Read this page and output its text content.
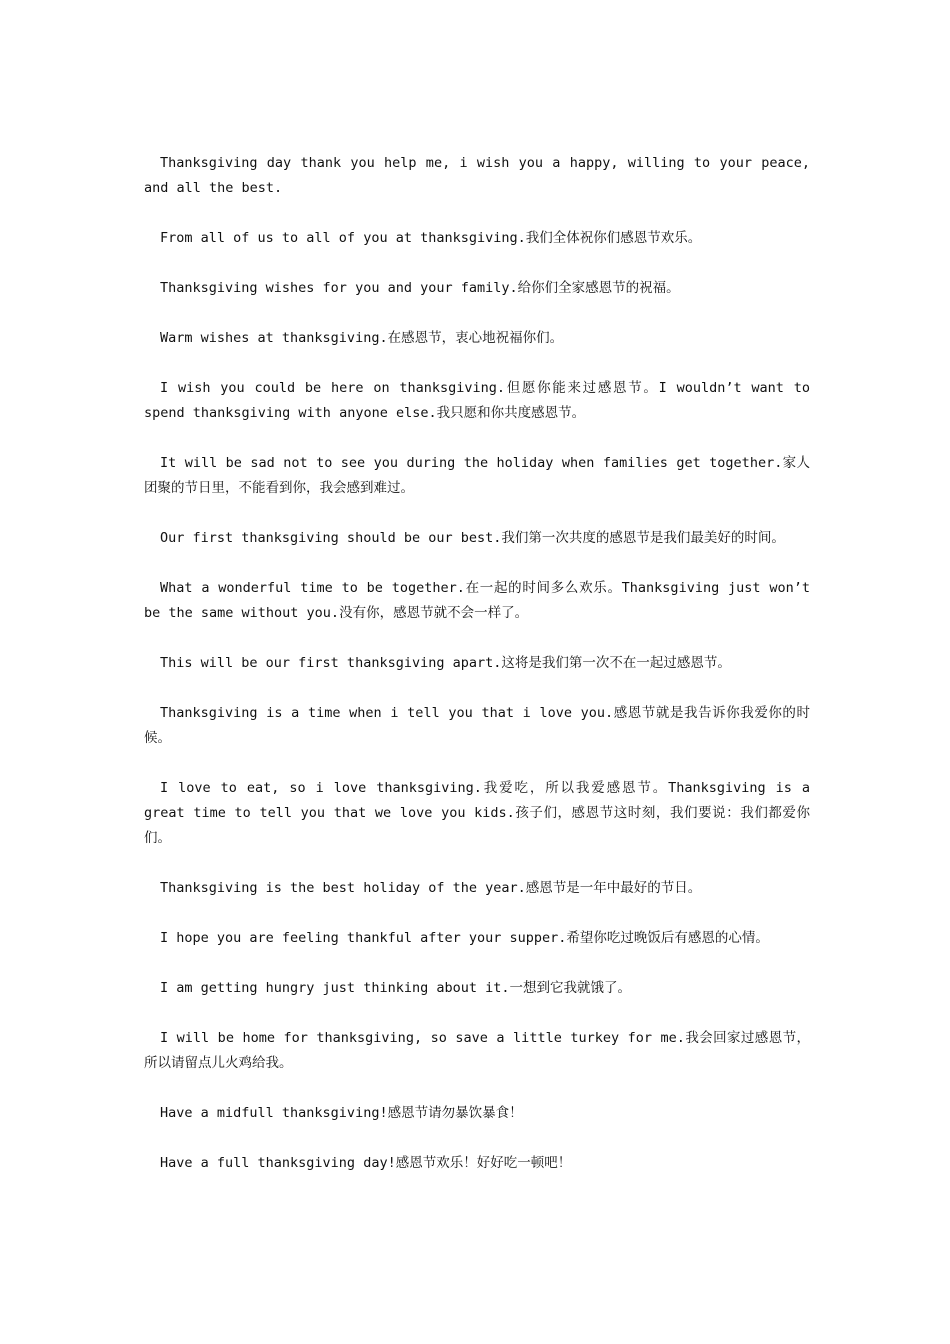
Thanksgiving day thank you help me, i wish you a happy, willing to your peace, and all the best.

From all of us to all of you at thanksgiving.我们全体祝你们感恩节欢乐。

Thanksgiving wishes for you and your family.给你们全家感恩节的祝福。

Warm wishes at thanksgiving.在感恩节，衷心地祝福你们。

I wish you could be here on thanksgiving.但愿你能来过感恩节。I wouldn’t want to spend thanksgiving with anyone else.我只愿和你共度感恩节。

It will be sad not to see you during the holiday when families get together.家人团聚的节日里，不能看到你，我会感到难过。

Our first thanksgiving should be our best.我们第一次共度的感恩节是我们最美好的时间。

What a wonderful time to be together.在一起的时间多么欢乐。Thanksgiving just won’t be the same without you.没有你，感恩节就不会一样了。

This will be our first thanksgiving apart.这将是我们第一次不在一起过感恩节。

Thanksgiving is a time when i tell you that i love you.感恩节就是我告诉你我爱你的时候。

I love to eat, so i love thanksgiving.我爱吃，所以我爱感恩节。Thanksgiving is a great time to tell you that we love you kids.孩子们，感恩节这时刻，我们要说：我们都爱你们。

Thanksgiving is the best holiday of the year.感恩节是一年中最好的节日。

I hope you are feeling thankful after your supper.希望你吃过晚饭后有感恩的心情。

I am getting hungry just thinking about it.一想到它我就饿了。

I will be home for thanksgiving, so save a little turkey for me.我会回家过感恩节，所以请留点儿火鸡给我。

Have a midfull thanksgiving!感恩节请勿暴饮暴食！

Have a full thanksgiving day!感恩节欢乐！好好吃一顿吧！
